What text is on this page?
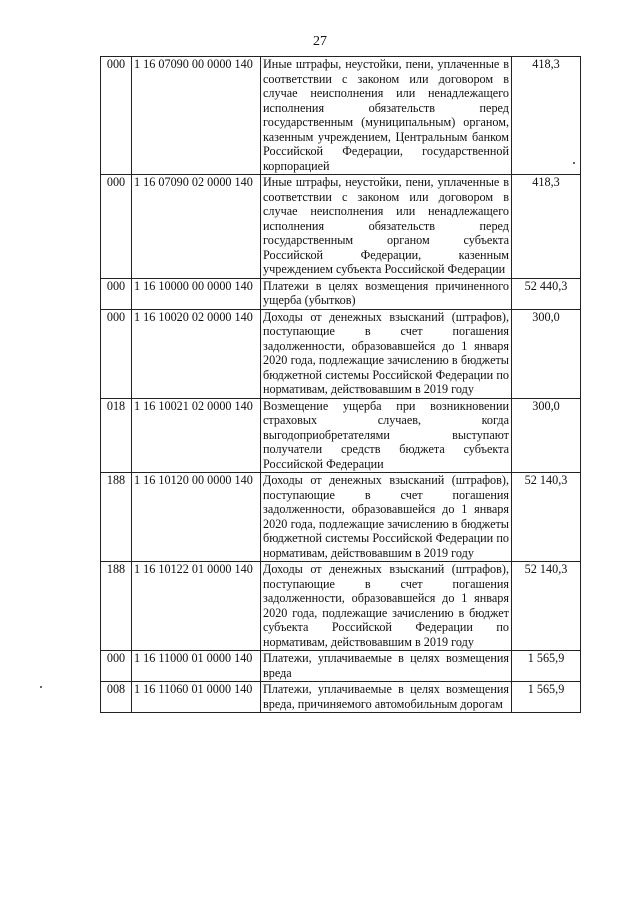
27
000	1 16 07090 00 0000 140	Иные штрафы, неустойки, пени, уплаченные в соответствии с законом или договором в случае неисполнения или ненадлежащего исполнения обязательств перед государственным (муниципальным) органом, казенным учреждением, Центральным банком Российской Федерации, государственной корпорацией	418,3
000	1 16 07090 02 0000 140	Иные штрафы, неустойки, пени, уплаченные в соответствии с законом или договором в случае неисполнения или ненадлежащего исполнения обязательств перед государственным органом субъекта Российской Федерации, казенным учреждением субъекта Российской Федерации	418,3
000	1 16 10000 00 0000 140	Платежи в целях возмещения причиненного ущерба (убытков)	52 440,3
000	1 16 10020 02 0000 140	Доходы от денежных взысканий (штрафов), поступающие в счет погашения задолженности, образовавшейся до 1 января 2020 года, подлежащие зачислению в бюджеты бюджетной системы Российской Федерации по нормативам, действовавшим в 2019 году	300,0
018	1 16 10021 02 0000 140	Возмещение ущерба при возникновении страховых случаев, когда выгодоприобретателями выступают получатели средств бюджета субъекта Российской Федерации	300,0
188	1 16 10120 00 0000 140	Доходы от денежных взысканий (штрафов), поступающие в счет погашения задолженности, образовавшейся до 1 января 2020 года, подлежащие зачислению в бюджеты бюджетной системы Российской Федерации по нормативам, действовавшим в 2019 году	52 140,3
188	1 16 10122 01 0000 140	Доходы от денежных взысканий (штрафов), поступающие в счет погашения задолженности, образовавшейся до 1 января 2020 года, подлежащие зачислению в бюджет субъекта Российской Федерации по нормативам, действовавшим в 2019 году	52 140,3
000	1 16 11000 01 0000 140	Платежи, уплачиваемые в целях возмещения вреда	1 565,9
008	1 16 11060 01 0000 140	Платежи, уплачиваемые в целях возмещения вреда, причиняемого автомобильным дорогам	1 565,9
